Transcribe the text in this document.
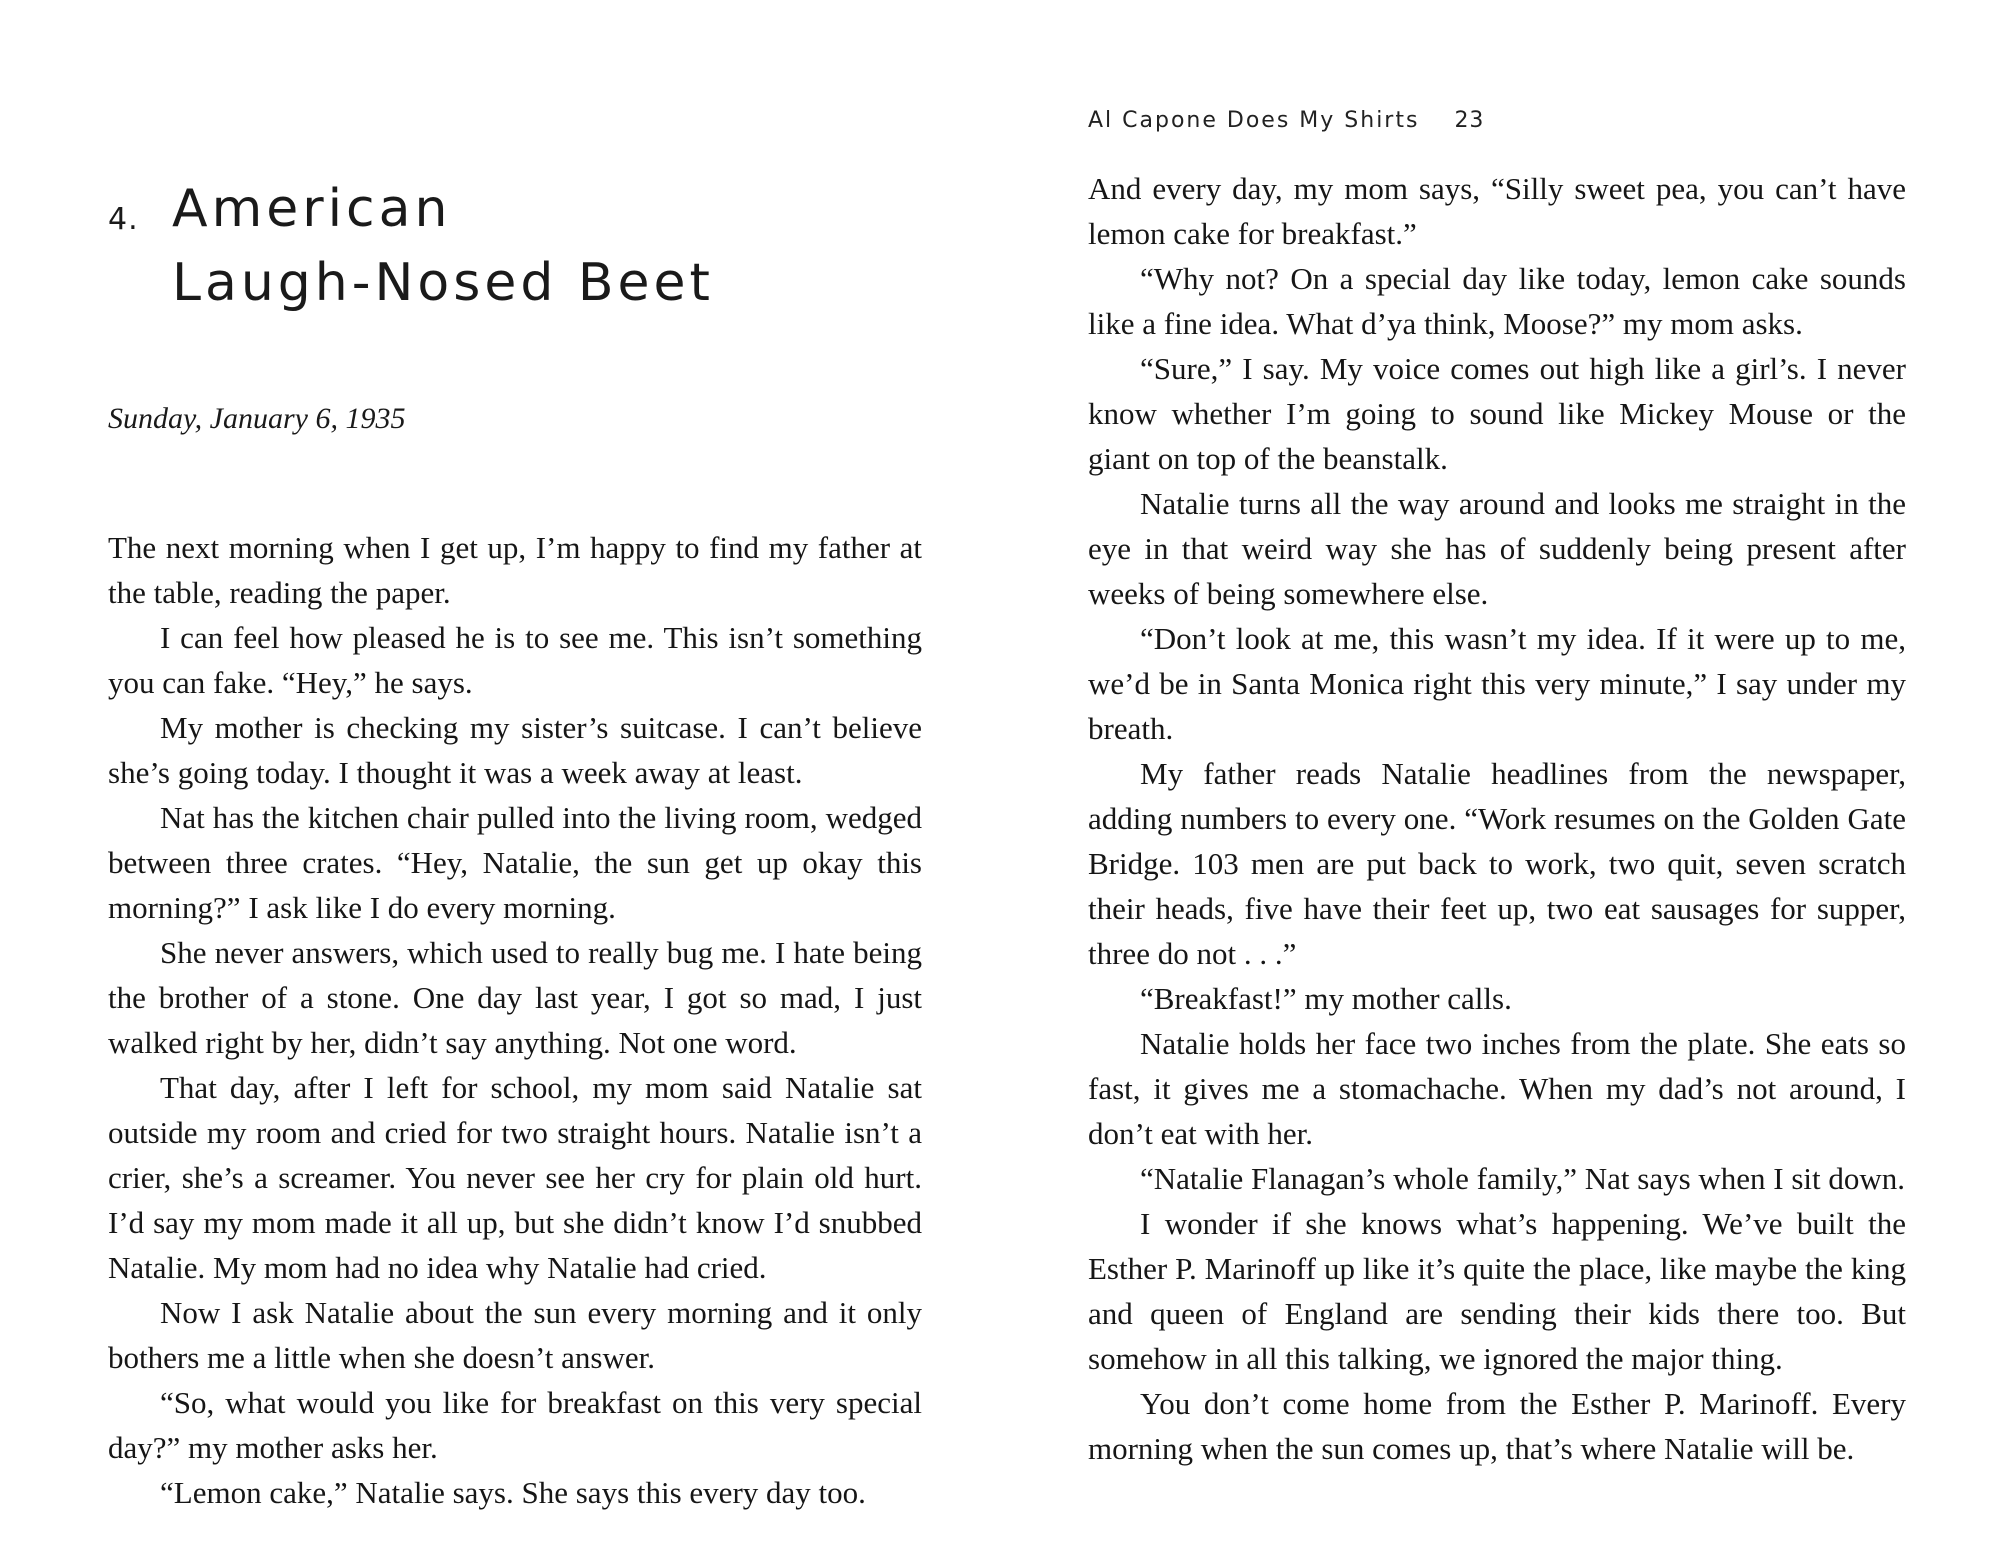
4. American
Laugh-Nosed Beet
Sunday, January 6, 1935

The next morning when I get up, I’m happy to find my father at the table, reading the paper.

I can feel how pleased he is to see me. This isn’t something you can fake. “Hey,” he says.

My mother is checking my sister’s suitcase. I can’t believe she’s going today. I thought it was a week away at least.

Nat has the kitchen chair pulled into the living room, wedged between three crates. “Hey, Natalie, the sun get up okay this morning?” I ask like I do every morning.

She never answers, which used to really bug me. I hate being the brother of a stone. One day last year, I got so mad, I just walked right by her, didn’t say anything. Not one word.

That day, after I left for school, my mom said Natalie sat outside my room and cried for two straight hours. Natalie isn’t a crier, she’s a screamer. You never see her cry for plain old hurt. I’d say my mom made it all up, but she didn’t know I’d snubbed Natalie. My mom had no idea why Natalie had cried.

Now I ask Natalie about the sun every morning and it only bothers me a little when she doesn’t answer.

“So, what would you like for breakfast on this very special day?” my mother asks her.

“Lemon cake,” Natalie says. She says this every day too.

Al Capone Does My Shirts 23

And every day, my mom says, “Silly sweet pea, you can’t have lemon cake for breakfast.”

“Why not? On a special day like today, lemon cake sounds like a fine idea. What d’ya think, Moose?” my mom asks.

“Sure,” I say. My voice comes out high like a girl’s. I never know whether I’m going to sound like Mickey Mouse or the giant on top of the beanstalk.

Natalie turns all the way around and looks me straight in the eye in that weird way she has of suddenly being present after weeks of being somewhere else.

“Don’t look at me, this wasn’t my idea. If it were up to me, we’d be in Santa Monica right this very minute,” I say under my breath.

My father reads Natalie headlines from the newspaper, adding numbers to every one. “Work resumes on the Golden Gate Bridge. 103 men are put back to work, two quit, seven scratch their heads, five have their feet up, two eat sausages for supper, three do not . . .”

“Breakfast!” my mother calls.

Natalie holds her face two inches from the plate. She eats so fast, it gives me a stomachache. When my dad’s not around, I don’t eat with her.

“Natalie Flanagan’s whole family,” Nat says when I sit down.

I wonder if she knows what’s happening. We’ve built the Esther P. Marinoff up like it’s quite the place, like maybe the king and queen of England are sending their kids there too. But somehow in all this talking, we ignored the major thing.

You don’t come home from the Esther P. Marinoff. Every morning when the sun comes up, that’s where Natalie will be.
